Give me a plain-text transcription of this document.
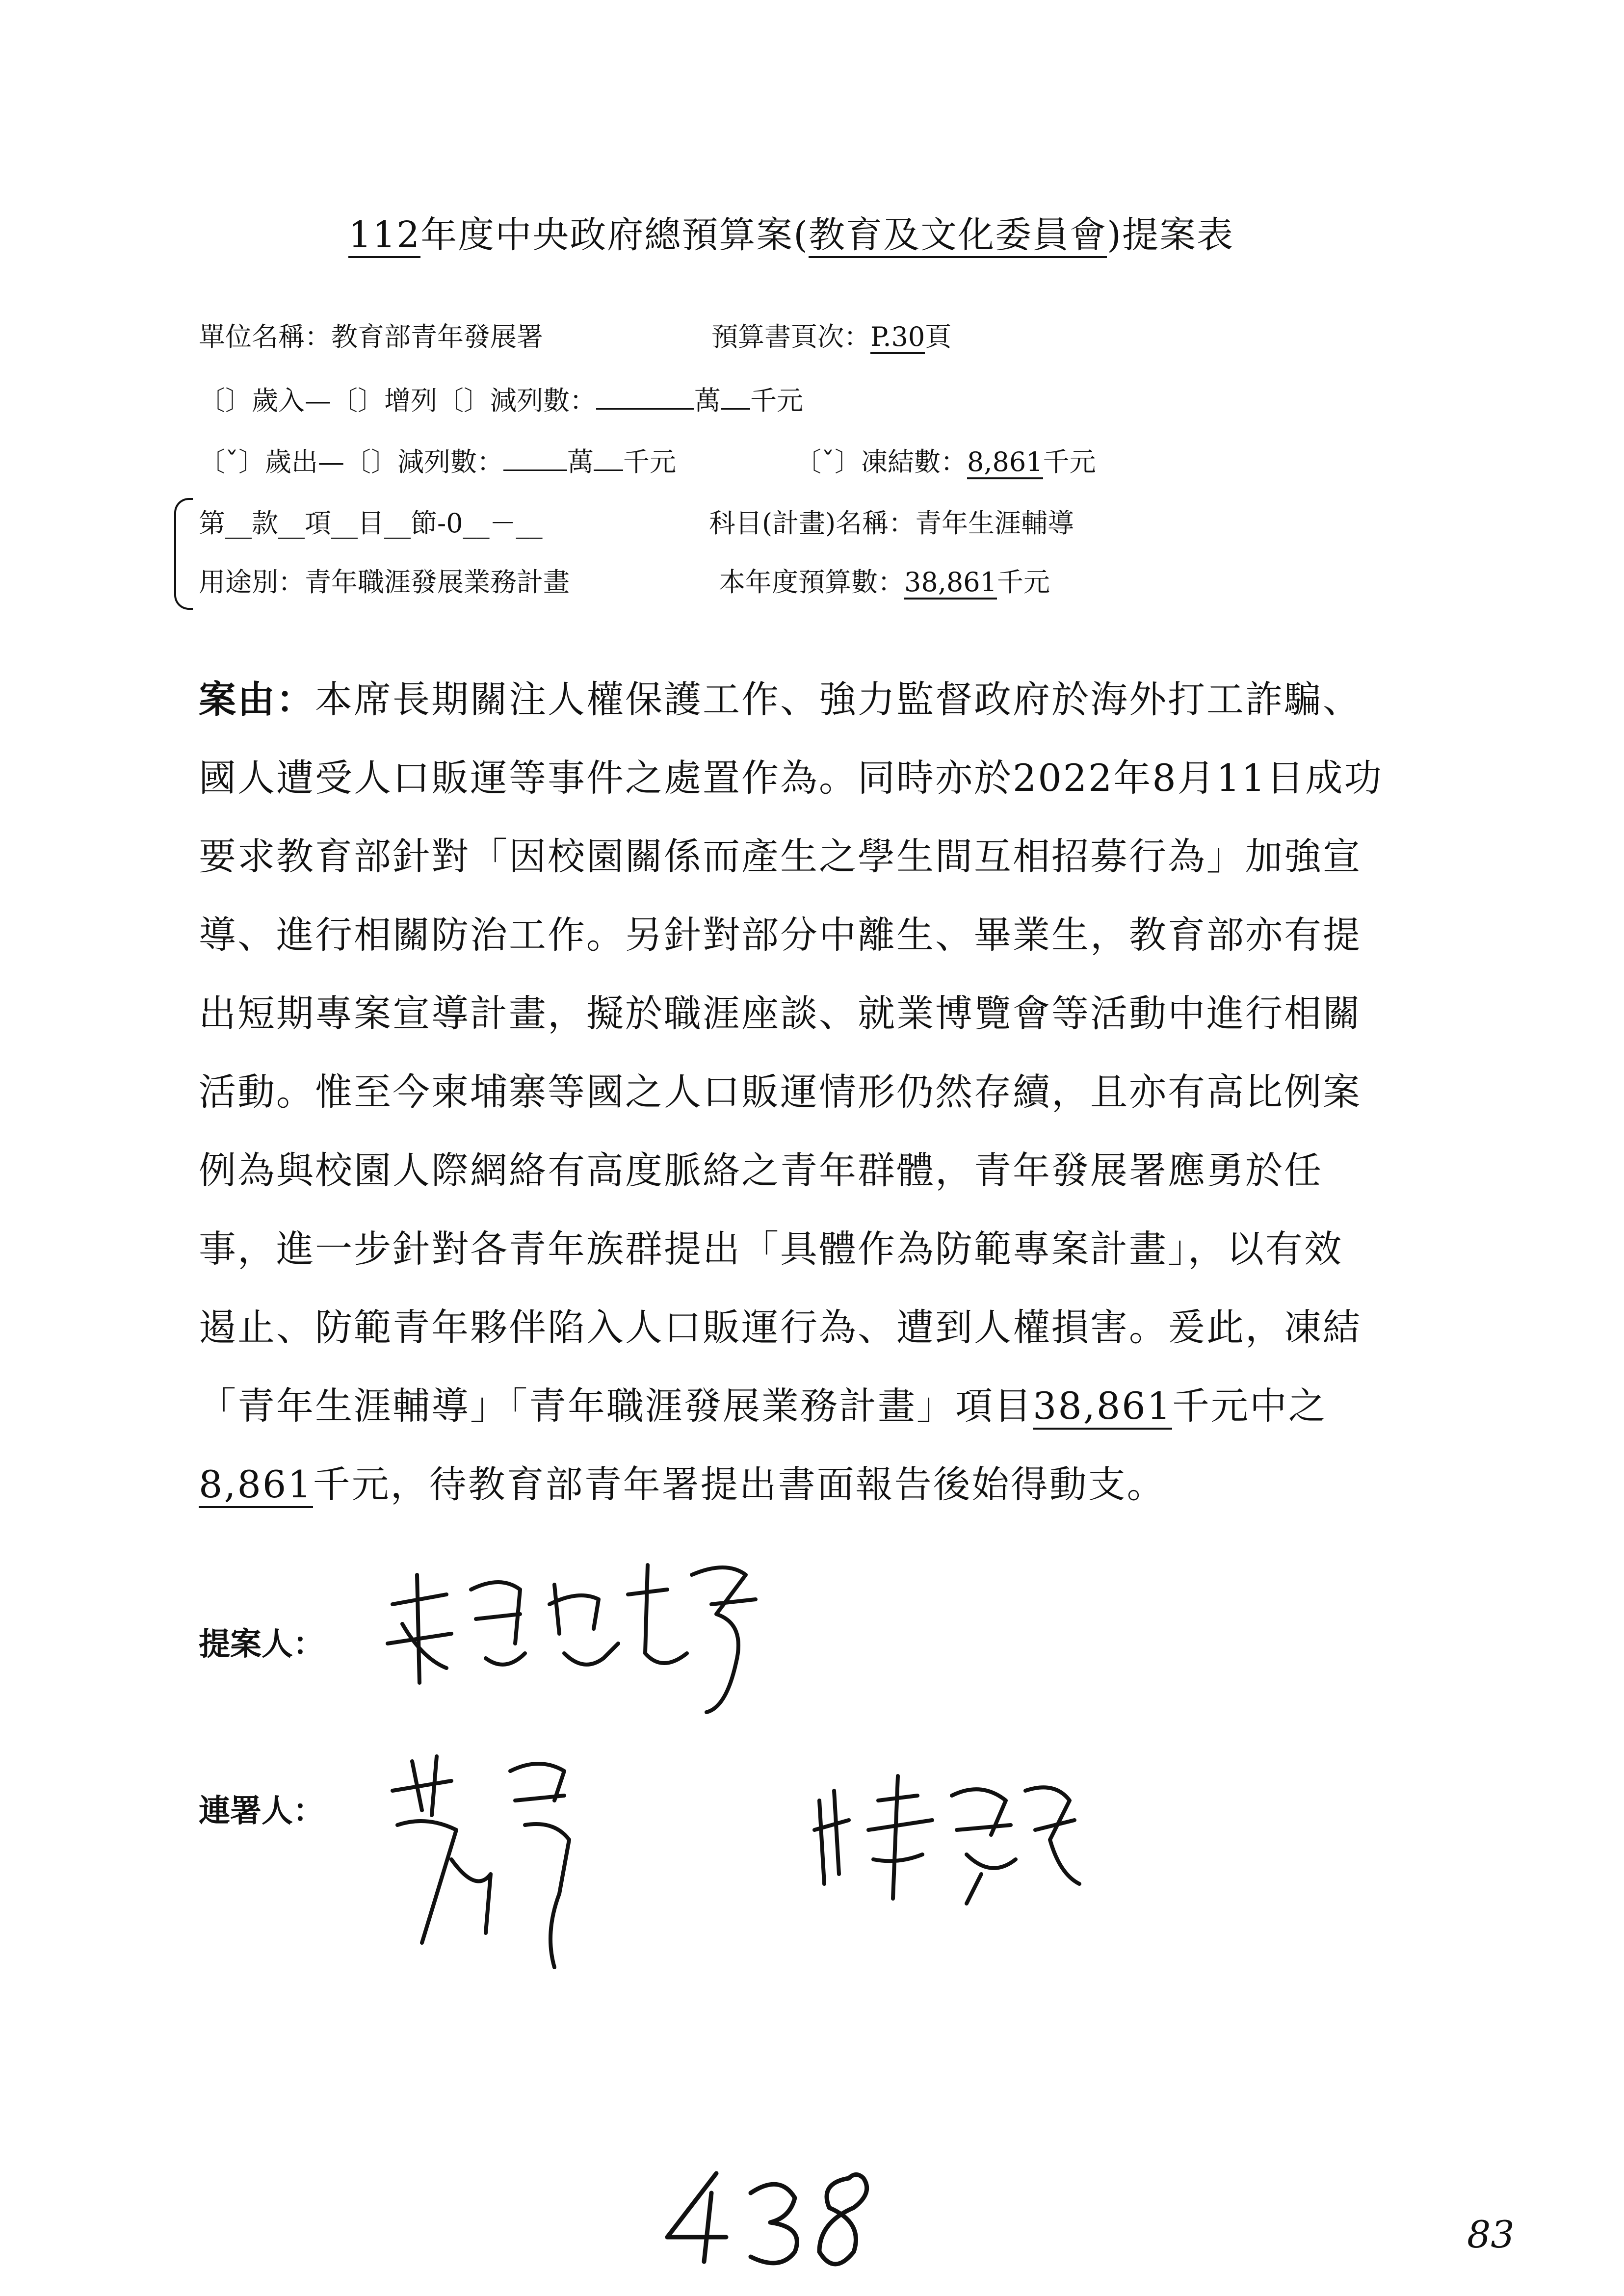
112年度中央政府總預算案(教育及文化委員會)提案表
單位名稱：教育部青年發展署	預算書頁次：P.30頁
〔〕歲入—〔〕增列〔〕減列數：	萬 千元
〔ˇ〕歲出—〔〕減列數： 萬 千元	〔ˇ〕凍結數：8,861千元
第__款__項__目__節-0__－__	科目(計畫)名稱：青年生涯輔導
用途別：青年職涯發展業務計畫	本年度預算數：38,861千元
案由：本席長期關注人權保護工作、強力監督政府於海外打工詐騙、
國人遭受人口販運等事件之處置作為。同時亦於2022年8月11日成功
要求教育部針對「因校園關係而產生之學生間互相招募行為」加強宣
導、進行相關防治工作。另針對部分中離生、畢業生，教育部亦有提
出短期專案宣導計畫，擬於職涯座談、就業博覽會等活動中進行相關
活動。惟至今柬埔寨等國之人口販運情形仍然存續，且亦有高比例案
例為與校園人際網絡有高度脈絡之青年群體，青年發展署應勇於任
事，進一步針對各青年族群提出「具體作為防範專案計畫」，以有效
遏止、防範青年夥伴陷入人口販運行為、遭到人權損害。爰此，凍結
「青年生涯輔導」「青年職涯發展業務計畫」項目38,861千元中之
8,861千元，待教育部青年署提出書面報告後始得動支。
提案人：
連署人：
83
